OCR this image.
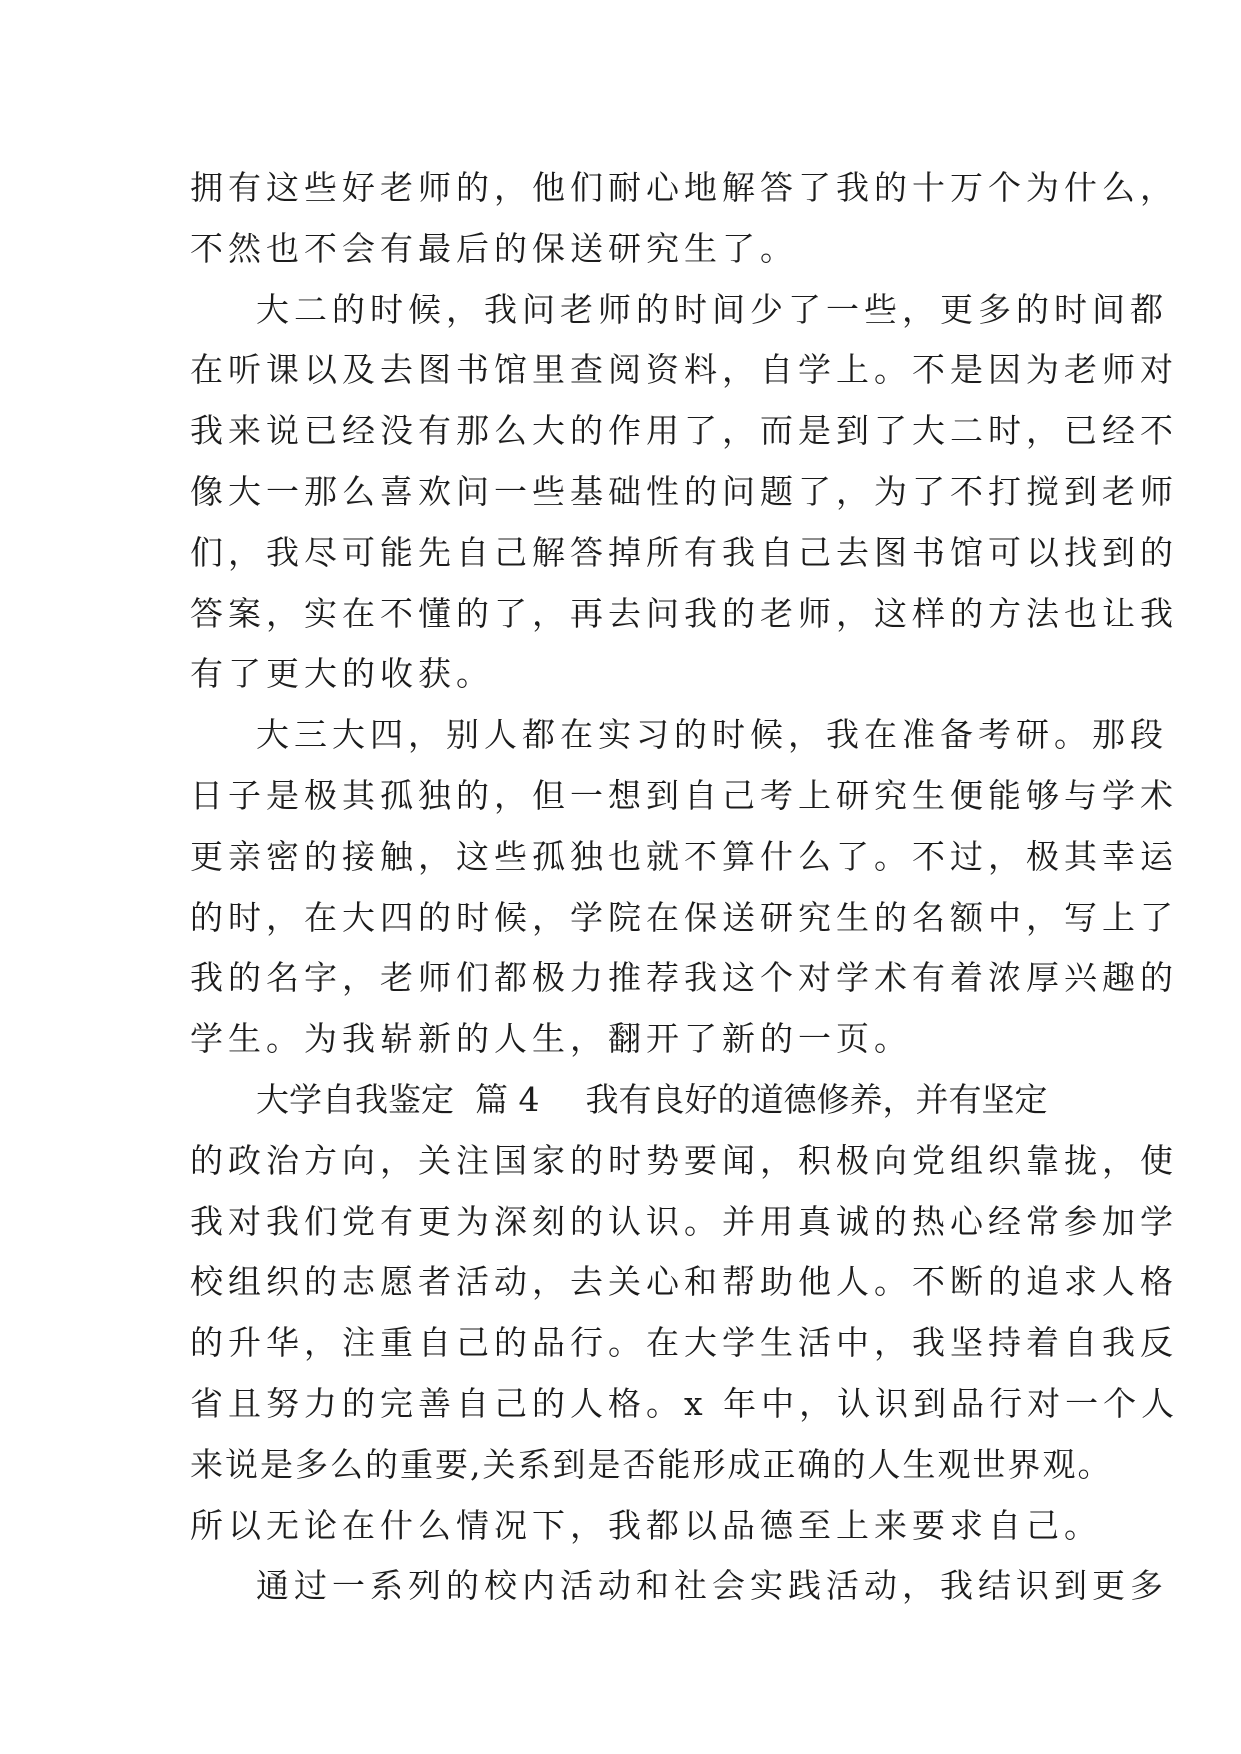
拥有这些好老师的，他们耐心地解答了我的十万个为什么，
不然也不会有最后的保送研究生了。
大二的时候，我问老师的时间少了一些，更多的时间都
在听课以及去图书馆里查阅资料，自学上。不是因为老师对
我来说已经没有那么大的作用了，而是到了大二时，已经不
像大一那么喜欢问一些基础性的问题了，为了不打搅到老师
们，我尽可能先自己解答掉所有我自己去图书馆可以找到的
答案，实在不懂的了，再去问我的老师，这样的方法也让我
有了更大的收获。
大三大四，别人都在实习的时候，我在准备考研。那段
日子是极其孤独的，但一想到自己考上研究生便能够与学术
更亲密的接触，这些孤独也就不算什么了。不过，极其幸运
的时，在大四的时候，学院在保送研究生的名额中，写上了
我的名字，老师们都极力推荐我这个对学术有着浓厚兴趣的
学生。为我崭新的人生，翻开了新的一页。
大学自我鉴定  篇 4 我有良好的道德修养，并有坚定
的政治方向，关注国家的时势要闻，积极向党组织靠拢，使
我对我们党有更为深刻的认识。并用真诚的热心经常参加学
校组织的志愿者活动，去关心和帮助他人。不断的追求人格
的升华，注重自己的品行。在大学生活中，我坚持着自我反
省且努力的完善自己的人格。x 年中，认识到品行对一个人
来说是多么的重要,关系到是否能形成正确的人生观世界观。
所以无论在什么情况下，我都以品德至上来要求自己。
通过一系列的校内活动和社会实践活动，我结识到更多
